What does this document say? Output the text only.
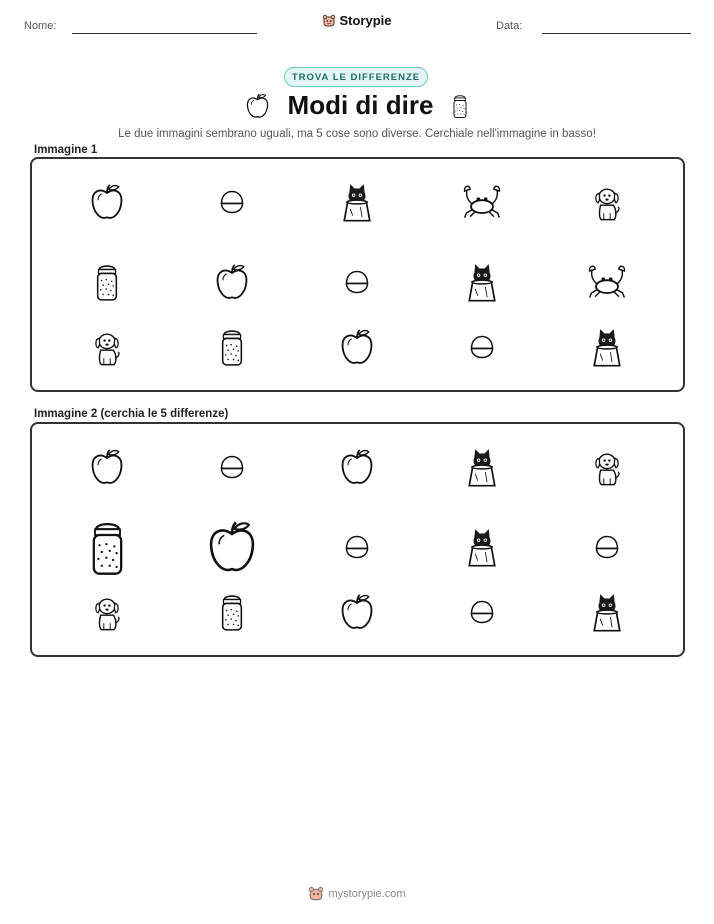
Nome:	Storypie	Data:
TROVA LE DIFFERENZE
Modi di dire
Le due immagini sembrano uguali, ma 5 cose sono diverse. Cerchiale nell'immagine in basso!
Immagine 1
Immagine 2 (cerchia le 5 differenze)
mystorypie.com
